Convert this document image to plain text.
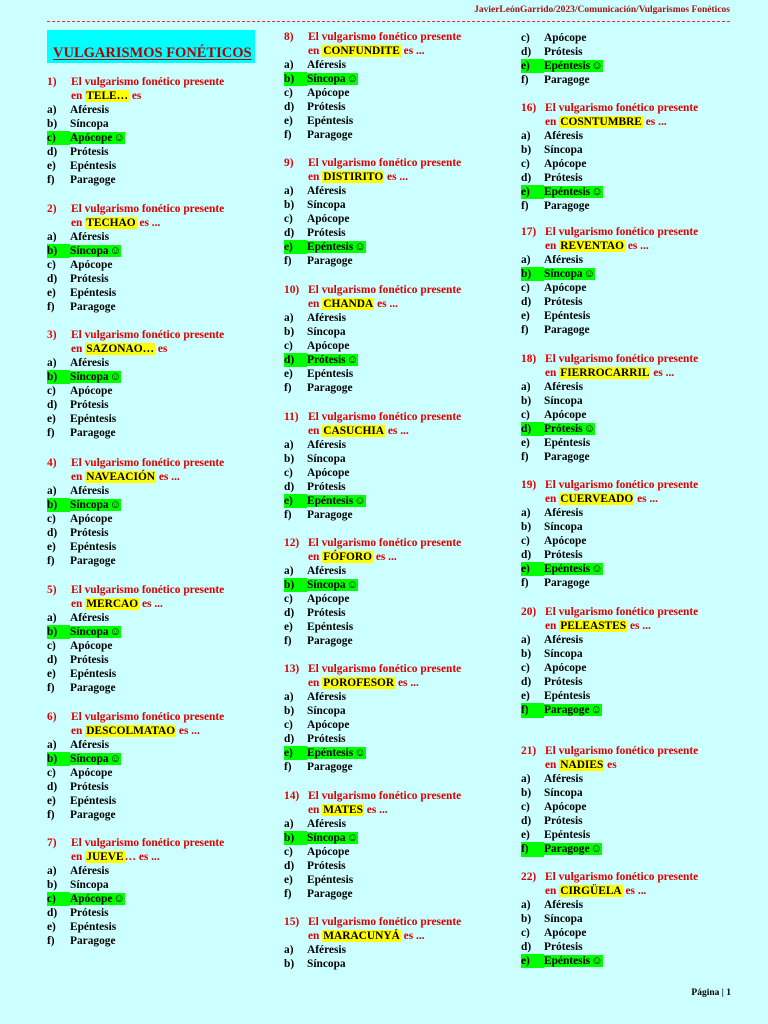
JavierLeónGarrido/2023/Comunicación/Vulgarismos Fonéticos
VULGARISMOS FONÉTICOS
1) El vulgarismo fonético presente
en TELE… es
a) Aféresis
b) Síncopa
c) Apócope☺
d) Prótesis
e) Epéntesis
f) Paragoge
2) El vulgarismo fonético presente
en TECHAO es ...
a) Aféresis
b) Síncopa☺
c) Apócope
d) Prótesis
e) Epéntesis
f) Paragoge
3) El vulgarismo fonético presente
en SAZONAO… es
a) Aféresis
b) Síncopa☺
c) Apócope
d) Prótesis
e) Epéntesis
f) Paragoge
4) El vulgarismo fonético presente
en NAVEACIÓN es ...
a) Aféresis
b) Síncopa☺
c) Apócope
d) Prótesis
e) Epéntesis
f) Paragoge
5) El vulgarismo fonético presente
en MERCAO es ...
a) Aféresis
b) Síncopa☺
c) Apócope
d) Prótesis
e) Epéntesis
f) Paragoge
6) El vulgarismo fonético presente
en DESCOLMATAO es ...
a) Aféresis
b) Síncopa☺
c) Apócope
d) Prótesis
e) Epéntesis
f) Paragoge
7) El vulgarismo fonético presente
en JUEVE… es ...
a) Aféresis
b) Síncopa
c) Apócope☺
d) Prótesis
e) Epéntesis
f) Paragoge
8) El vulgarismo fonético presente
en CONFUNDITE es ...
a) Aféresis
b) Síncopa☺
c) Apócope
d) Prótesis
e) Epéntesis
f) Paragoge
9) El vulgarismo fonético presente
en DISTIRITO es ...
a) Aféresis
b) Síncopa
c) Apócope
d) Prótesis
e) Epéntesis☺
f) Paragoge
10) El vulgarismo fonético presente
en CHANDA es ...
a) Aféresis
b) Síncopa
c) Apócope
d) Prótesis☺
e) Epéntesis
f) Paragoge
11) El vulgarismo fonético presente
en CASUCHIA es ...
a) Aféresis
b) Síncopa
c) Apócope
d) Prótesis
e) Epéntesis☺
f) Paragoge
12) El vulgarismo fonético presente
en FÓFORO es ...
a) Aféresis
b) Síncopa☺
c) Apócope
d) Prótesis
e) Epéntesis
f) Paragoge
13) El vulgarismo fonético presente
en POROFESOR es ...
a) Aféresis
b) Síncopa
c) Apócope
d) Prótesis
e) Epéntesis☺
f) Paragoge
14) El vulgarismo fonético presente
en MATES es ...
a) Aféresis
b) Síncopa☺
c) Apócope
d) Prótesis
e) Epéntesis
f) Paragoge
15) El vulgarismo fonético presente
en MARACUNYÁ es ...
a) Aféresis
b) Síncopa
c) Apócope
d) Prótesis
e) Epéntesis☺
f) Paragoge
16) El vulgarismo fonético presente
en COSNTUMBRE es ...
a) Aféresis
b) Síncopa
c) Apócope
d) Prótesis
e) Epéntesis☺
f) Paragoge
17) El vulgarismo fonético presente
en REVENTAO es ...
a) Aféresis
b) Síncopa☺
c) Apócope
d) Prótesis
e) Epéntesis
f) Paragoge
18) El vulgarismo fonético presente
en FIERROCARRIL es ...
a) Aféresis
b) Síncopa
c) Apócope
d) Prótesis☺
e) Epéntesis
f) Paragoge
19) El vulgarismo fonético presente
en CUERVEADO es ...
a) Aféresis
b) Síncopa
c) Apócope
d) Prótesis
e) Epéntesis☺
f) Paragoge
20) El vulgarismo fonético presente
en PELEASTES es ...
a) Aféresis
b) Síncopa
c) Apócope
d) Prótesis
e) Epéntesis
f) Paragoge☺
21) El vulgarismo fonético presente
en NADIES es
a) Aféresis
b) Síncopa
c) Apócope
d) Prótesis
e) Epéntesis
f) Paragoge☺
22) El vulgarismo fonético presente
en CIRGÜELA es ...
a) Aféresis
b) Síncopa
c) Apócope
d) Prótesis
e) Epéntesis☺
Página | 1
